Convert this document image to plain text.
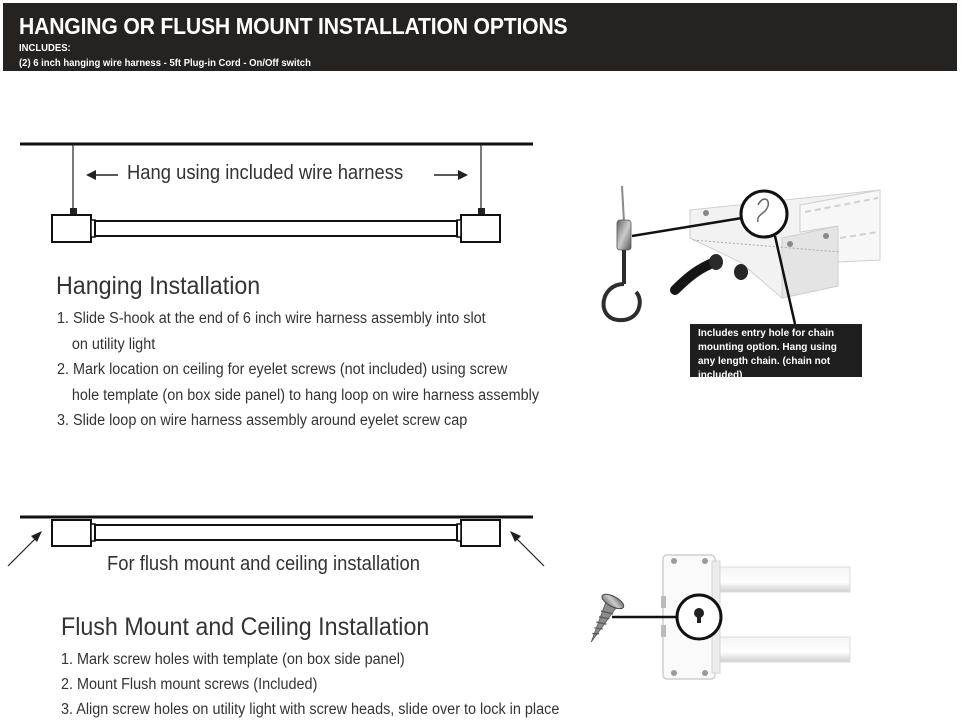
HANGING OR FLUSH MOUNT INSTALLATION OPTIONS
INCLUDES:
(2) 6 inch hanging wire harness - 5ft Plug-in Cord - On/Off switch
Hang using included wire harness
Hanging Installation
1. Slide S-hook at the end of 6 inch wire harness assembly into slot
on utility light
2. Mark location on ceiling for eyelet screws (not included) using screw
hole template (on box side panel) to hang loop on wire harness assembly
3. Slide loop on wire harness assembly around eyelet screw cap
Includes entry hole for chain mounting option. Hang using any length chain. (chain not included)
For flush mount and ceiling installation
Flush Mount and Ceiling Installation
1. Mark screw holes with template (on box side panel)
2. Mount Flush mount screws (Included)
3. Align screw holes on utility light with screw heads, slide over to lock in place
